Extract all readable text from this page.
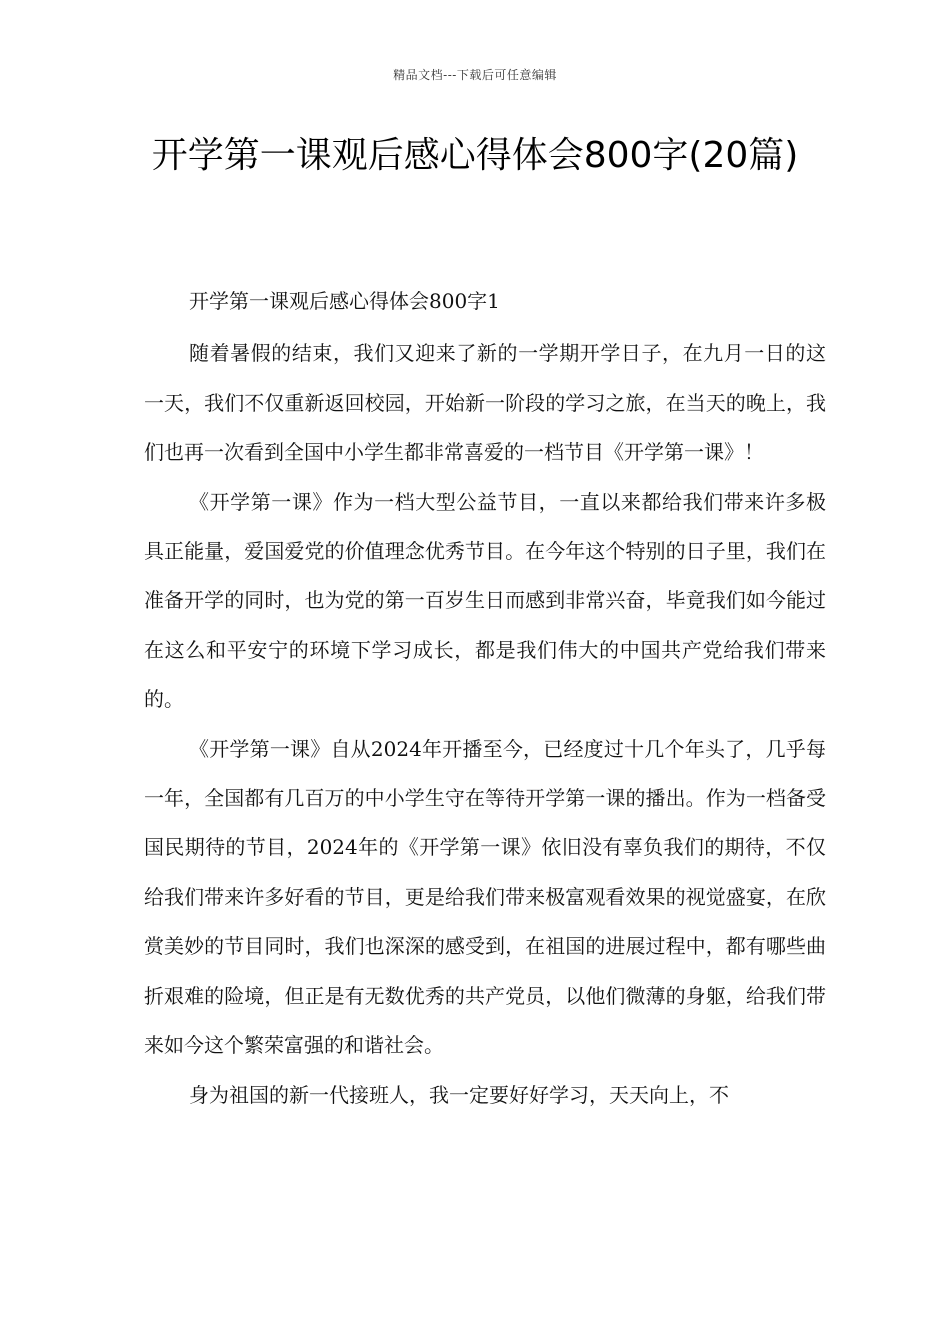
精品文档---下载后可任意编辑
开学第一课观后感心得体会800字(20篇)

开学第一课观后感心得体会800字1

随着暑假的结束，我们又迎来了新的一学期开学日子，在九月一日的这一天，我们不仅重新返回校园，开始新一阶段的学习之旅，在当天的晚上，我们也再一次看到全国中小学生都非常喜爱的一档节目《开学第一课》！

《开学第一课》作为一档大型公益节目，一直以来都给我们带来许多极具正能量，爱国爱党的价值理念优秀节目。在今年这个特别的日子里，我们在准备开学的同时，也为党的第一百岁生日而感到非常兴奋，毕竟我们如今能过在这么和平安宁的环境下学习成长，都是我们伟大的中国共产党给我们带来的。

《开学第一课》自从2024年开播至今，已经度过十几个年头了，几乎每一年，全国都有几百万的中小学生守在等待开学第一课的播出。作为一档备受国民期待的节目，2024年的《开学第一课》依旧没有辜负我们的期待，不仅给我们带来许多好看的节目，更是给我们带来极富观看效果的视觉盛宴，在欣赏美妙的节目同时，我们也深深的感受到，在祖国的进展过程中，都有哪些曲折艰难的险境，但正是有无数优秀的共产党员，以他们微薄的身躯，给我们带来如今这个繁荣富强的和谐社会。

身为祖国的新一代接班人，我一定要好好学习，天天向上，不
